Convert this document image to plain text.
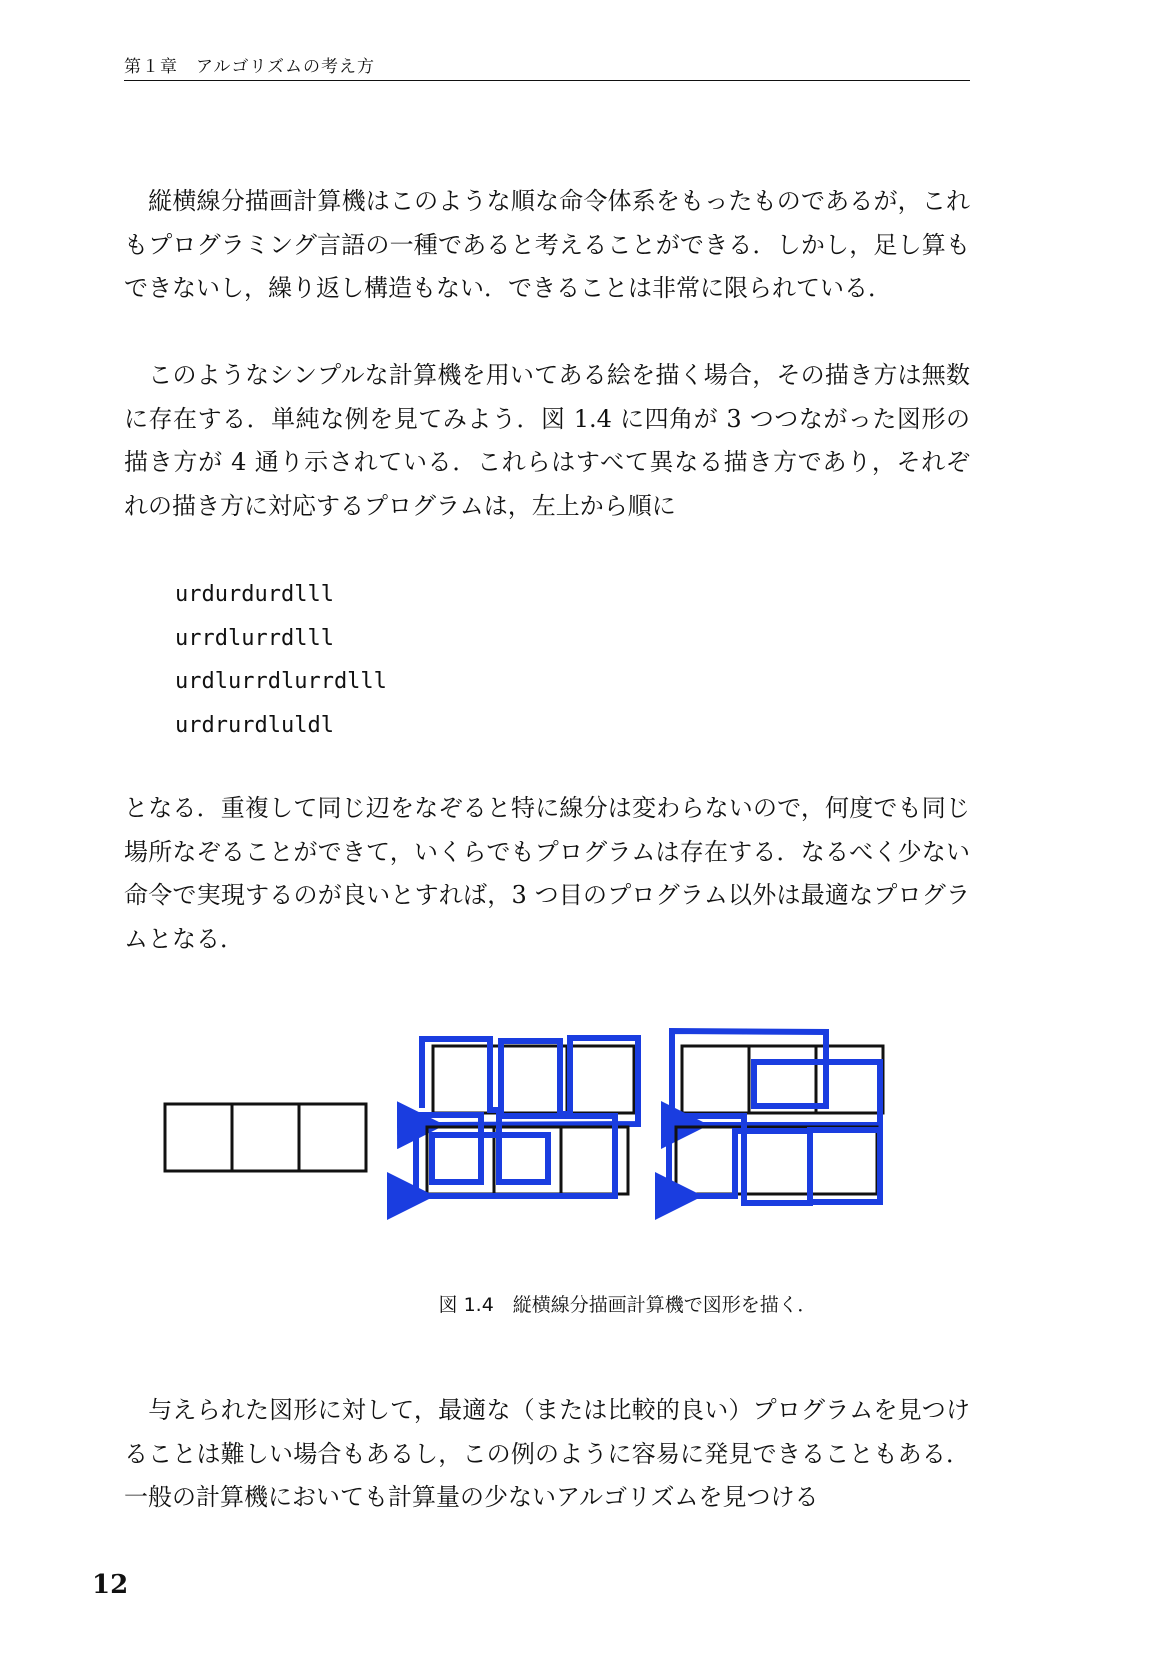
第１章　アルゴリズムの考え方

　縦横線分描画計算機はこのような順な命令体系をもったものであるが，これもプログラミング言語の一種であると考えることができる．しかし，足し算もできないし，繰り返し構造もない．できることは非常に限られている．

　このようなシンプルな計算機を用いてある絵を描く場合，その描き方は無数に存在する．単純な例を見てみよう．図 1.4 に四角が 3 つつながった図形の描き方が 4 通り示されている．これらはすべて異なる描き方であり，それぞれの描き方に対応するプログラムは，左上から順に

urdurdurdlll
urrdlurrdlll
urdlurrdlurrdlll
urdrurdluldl

となる．重複して同じ辺をなぞると特に線分は変わらないので，何度でも同じ場所なぞることができて，いくらでもプログラムは存在する．なるべく少ない命令で実現するのが良いとすれば，3 つ目のプログラム以外は最適なプログラムとなる．

図 1.4　縦横線分描画計算機で図形を描く．

　与えられた図形に対して，最適な（または比較的良い）プログラムを見つけることは難しい場合もあるし，この例のように容易に発見できることもある．一般の計算機においても計算量の少ないアルゴリズムを見つける

12
